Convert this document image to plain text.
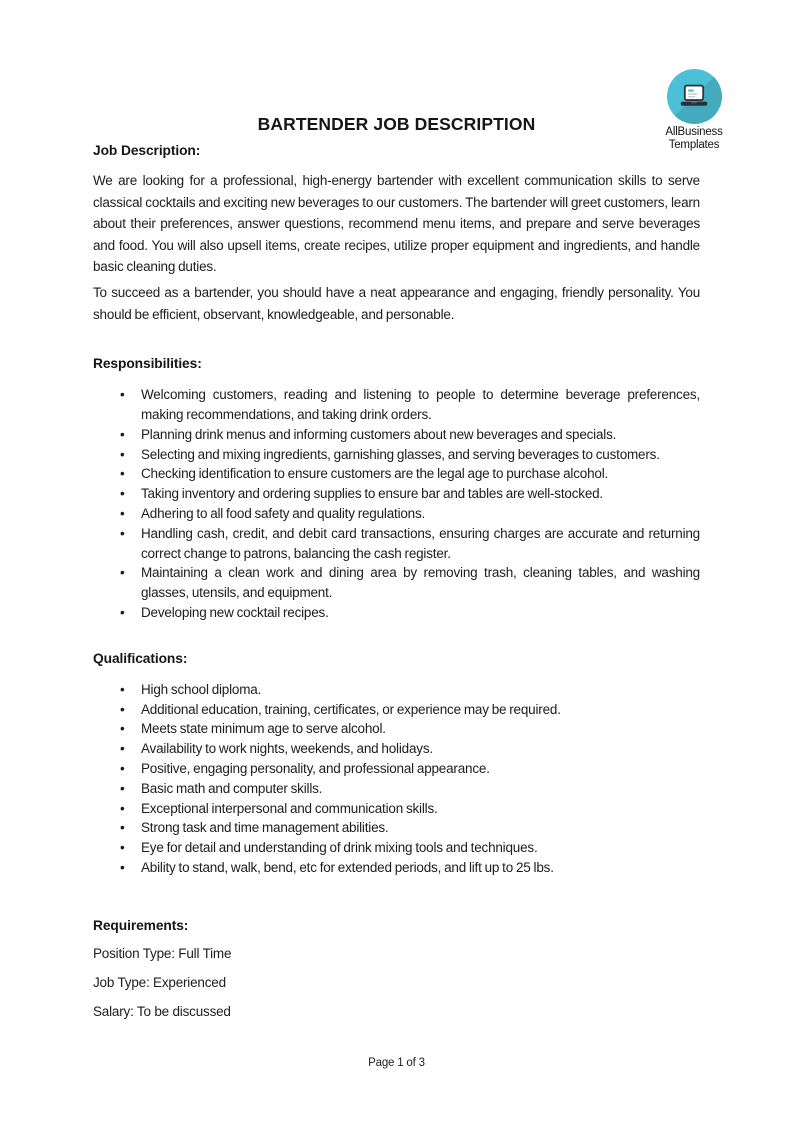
AllBusiness
Templates
BARTENDER JOB DESCRIPTION
Job Description:

We are looking for a professional, high-energy bartender with excellent communication skills to serve classical cocktails and exciting new beverages to our customers. The bartender will greet customers, learn about their preferences, answer questions, recommend menu items, and prepare and serve beverages and food. You will also upsell items, create recipes, utilize proper equipment and ingredients, and handle basic cleaning duties.

To succeed as a bartender, you should have a neat appearance and engaging, friendly personality. You should be efficient, observant, knowledgeable, and personable.

Responsibilities:
• Welcoming customers, reading and listening to people to determine beverage preferences, making recommendations, and taking drink orders.
• Planning drink menus and informing customers about new beverages and specials.
• Selecting and mixing ingredients, garnishing glasses, and serving beverages to customers.
• Checking identification to ensure customers are the legal age to purchase alcohol.
• Taking inventory and ordering supplies to ensure bar and tables are well-stocked.
• Adhering to all food safety and quality regulations.
• Handling cash, credit, and debit card transactions, ensuring charges are accurate and returning correct change to patrons, balancing the cash register.
• Maintaining a clean work and dining area by removing trash, cleaning tables, and washing glasses, utensils, and equipment.
• Developing new cocktail recipes.
Qualifications:
• High school diploma.
• Additional education, training, certificates, or experience may be required.
• Meets state minimum age to serve alcohol.
• Availability to work nights, weekends, and holidays.
• Positive, engaging personality, and professional appearance.
• Basic math and computer skills.
• Exceptional interpersonal and communication skills.
• Strong task and time management abilities.
• Eye for detail and understanding of drink mixing tools and techniques.
• Ability to stand, walk, bend, etc for extended periods, and lift up to 25 lbs.
Requirements:

Position Type: Full Time

Job Type: Experienced

Salary: To be discussed

Page 1 of 3
